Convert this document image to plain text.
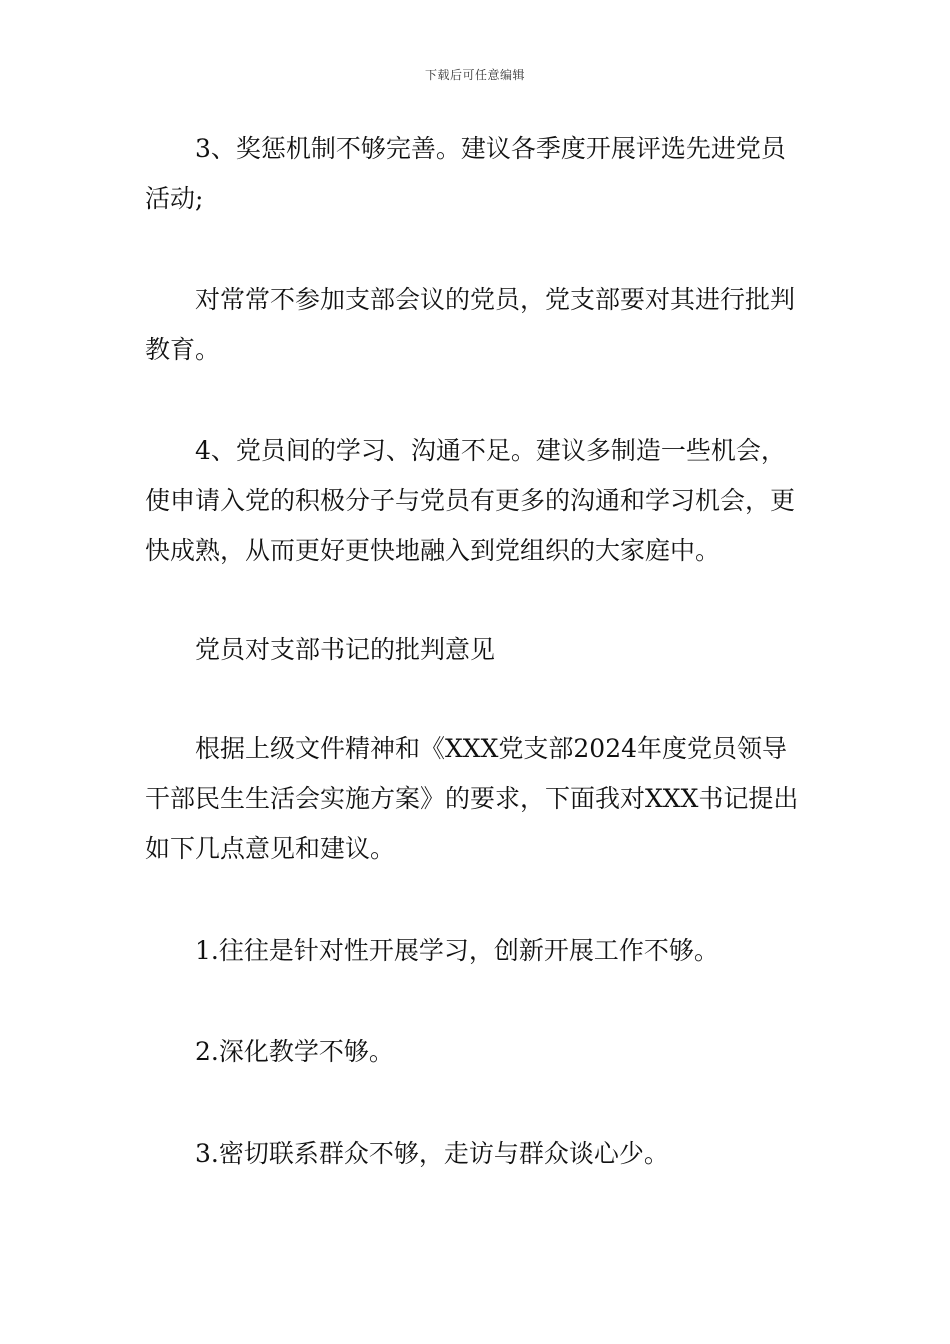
下载后可任意编辑

3、奖惩机制不够完善。建议各季度开展评选先进党员活动;

对常常不参加支部会议的党员，党支部要对其进行批判教育。

4、党员间的学习、沟通不足。建议多制造一些机会，使申请入党的积极分子与党员有更多的沟通和学习机会，更快成熟，从而更好更快地融入到党组织的大家庭中。

党员对支部书记的批判意见

根据上级文件精神和《XXX党支部2024年度党员领导干部民生生活会实施方案》的要求，下面我对XXX书记提出如下几点意见和建议。

1.往往是针对性开展学习，创新开展工作不够。

2.深化教学不够。

3.密切联系群众不够，走访与群众谈心少。
